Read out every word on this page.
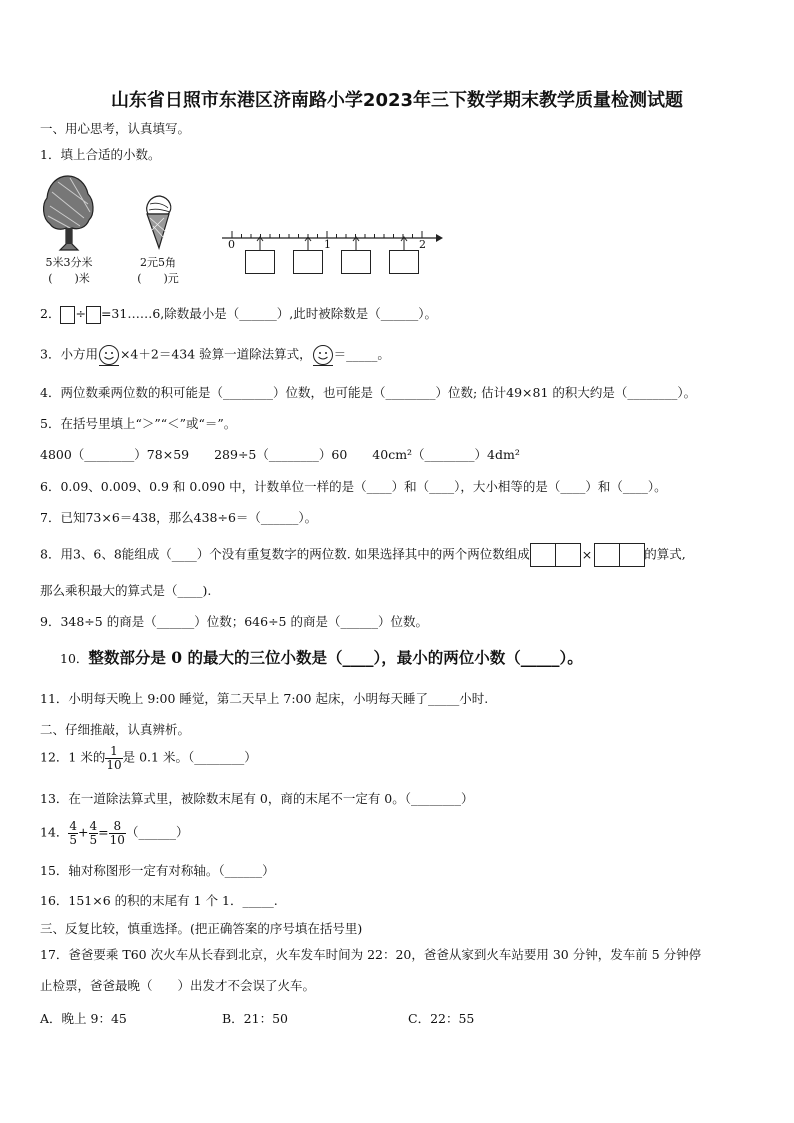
山东省日照市东港区济南路小学2023年三下数学期末教学质量检测试题
一、用心思考，认真填写。
1．填上合适的小数。
5米3分米
(　　)米
2元5角
(　　)元
0	1	2
2． ÷ =31……6,除数最小是（______）,此时被除数是（______）。
3．小方用 ×4＋2＝434 验算一道除法算式， ＝_____。
4．两位数乘两位数的积可能是（________）位数，也可能是（________）位数; 估计49×81 的积大约是（________）。
5．在括号里填上“＞”“＜”或“＝”。
4800（________）78×59　　289÷5（________）60　　40cm²（________）4dm²
6．0.09、0.009、0.9 和 0.090 中，计数单位一样的是（____）和（____），大小相等的是（____）和（____）。
7．已知73×6＝438，那么438÷6＝（______）。
8．用3、6、8能组成（____）个没有重复数字的两位数. 如果选择其中的两个两位数组成	×	的算式,
那么乘积最大的算式是（____).
9．348÷5 的商是（______）位数；646÷5 的商是（______）位数。
10．整数部分是 0 的最大的三位小数是（____），最小的两位小数（_____）。
11．小明每天晚上 9:00 睡觉，第二天早上 7:00 起床，小明每天睡了_____小时.
二、仔细推敲，认真辨析。
12．1 米的 $\frac{1}{10}$ 是 0.1 米。（________）
13．在一道除法算式里，被除数末尾有 0，商的末尾不一定有 0。（________）
14． $\frac{4}{5} + \frac{4}{5} = \frac{8}{10}$ （______）
15．轴对称图形一定有对称轴。（______）
16．151×6 的积的末尾有 1 个 1．_____.
三、反复比较，慎重选择。(把正确答案的序号填在括号里)
17．爸爸要乘 T60 次火车从长春到北京，火车发车时间为 22：20，爸爸从家到火车站要用 30 分钟，发车前 5 分钟停
止检票，爸爸最晚（　　）出发才不会误了火车。
A．晚上 9：45	B．21：50	C．22：55
